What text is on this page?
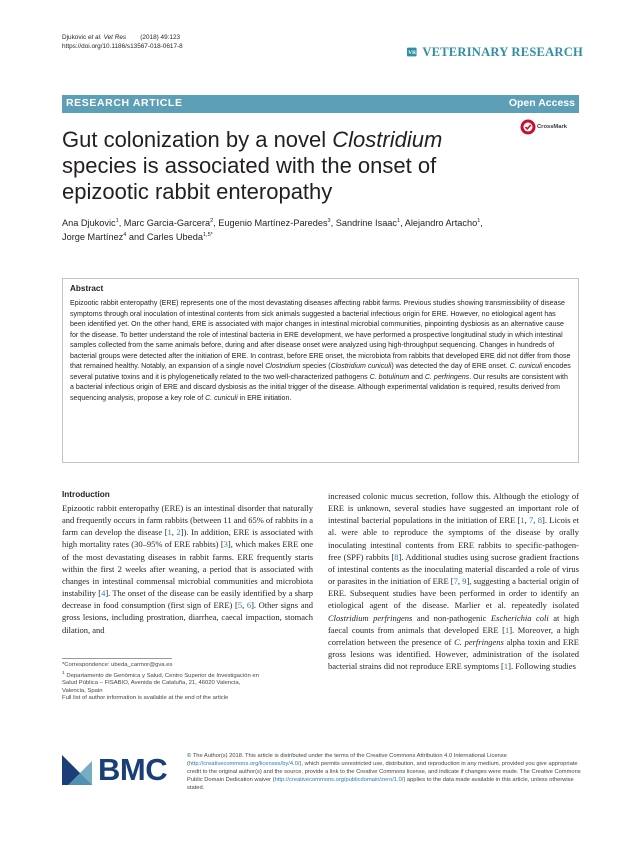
Djukovic et al. Vet Res (2018) 49:123
https://doi.org/10.1186/s13567-018-0617-8
VR VETERINARY RESEARCH
RESEARCH ARTICLE	Open Access
Gut colonization by a novel Clostridium species is associated with the onset of epizootic rabbit enteropathy
CrossMark
Ana Djukovic$^1$, Marc Garcia-Garcera$^2$, Eugenio Martínez-Paredes$^3$, Sandrine Isaac$^1$, Alejandro Artacho$^1$,
Jorge Martínez$^4$ and Carles Ubeda$^{1,5*}$
Abstract
Epizootic rabbit enteropathy (ERE) represents one of the most devastating diseases affecting rabbit farms. Previous studies showing transmissibility of disease symptoms through oral inoculation of intestinal contents from sick animals suggested a bacterial infectious origin for ERE. However, no etiological agent has been identified yet. On the other hand, ERE is associated with major changes in intestinal microbial communities, pinpointing dysbiosis as an alternative cause for the disease. To better understand the role of intestinal bacteria in ERE development, we have performed a prospective longitudinal study in which intestinal samples collected from the same animals before, during and after disease onset were analyzed using high-throughput sequencing. Changes in hundreds of bacterial groups were detected after the initiation of ERE. In contrast, before ERE onset, the microbiota from rabbits that developed ERE did not differ from those that remained healthy. Notably, an expansion of a single novel Clostridium species (Clostridium cuniculi) was detected the day of ERE onset. C. cuniculi encodes several putative toxins and it is phylogenetically related to the two well-characterized pathogens C. botulinum and C. perfringens. Our results are consistent with a bacterial infectious origin of ERE and discard dysbiosis as the initial trigger of the disease. Although experimental validation is required, results derived from sequencing analysis, propose a key role of C. cuniculi in ERE initiation.
Introduction
Epizootic rabbit enteropathy (ERE) is an intestinal disorder that naturally and frequently occurs in farm rabbits (between 11 and 65% of rabbits in a farm can develop the disease [1, 2]). In addition, ERE is associated with high mortality rates (30–95% of ERE rabbits) [3], which makes ERE one of the most devastating diseases in rabbit farms. ERE frequently starts within the first 2 weeks after weaning, a period that is associated with changes in intestinal commensal microbial communities and microbiota instability [4]. The onset of the disease can be easily identified by a sharp decrease in food consumption (first sign of ERE) [5, 6]. Other signs and gross lesions, including prostration, diarrhea, caecal impaction, stomach dilation, and
increased colonic mucus secretion, follow this. Although the etiology of ERE is unknown, several studies have suggested an important role of intestinal bacterial populations in the initiation of ERE [1, 7, 8]. Licois et al. were able to reproduce the symptoms of the disease by orally inoculating intestinal contents from ERE rabbits to specific-pathogen-free (SPF) rabbits [8]. Additional studies using sucrose gradient fractions of intestinal contents as the inoculating material discarded a role of virus or parasites in the initiation of ERE [7, 9], suggesting a bacterial origin of ERE. Subsequent studies have been performed in order to identify an etiological agent of the disease. Marlier et al. repeatedly isolated Clostridium perfringens and non-pathogenic Escherichia coli at high faecal counts from animals that developed ERE [1]. Moreover, a high correlation between the presence of C. perfringens alpha toxin and ERE gross lesions was identified. However, administration of the isolated bacterial strains did not reproduce ERE symptoms [1]. Following studies
*Correspondence: ubeda_carmor@gva.es
$^1$ Departamento de Genómica y Salud, Centro Superior de Investigación en Salud Pública – FISABIO, Avenida de Cataluña, 21, 46020 Valencia, Valencia, Spain
Full list of author information is available at the end of the article
BMC	© The Author(s) 2018. This article is distributed under the terms of the Creative Commons Attribution 4.0 International License (http://creativecommons.org/licenses/by/4.0/), which permits unrestricted use, distribution, and reproduction in any medium, provided you give appropriate credit to the original author(s) and the source, provide a link to the Creative Commons license, and indicate if changes were made. The Creative Commons Public Domain Dedication waiver (http://creativecommons.org/publicdomain/zero/1.0/) applies to the data made available in this article, unless otherwise stated.
